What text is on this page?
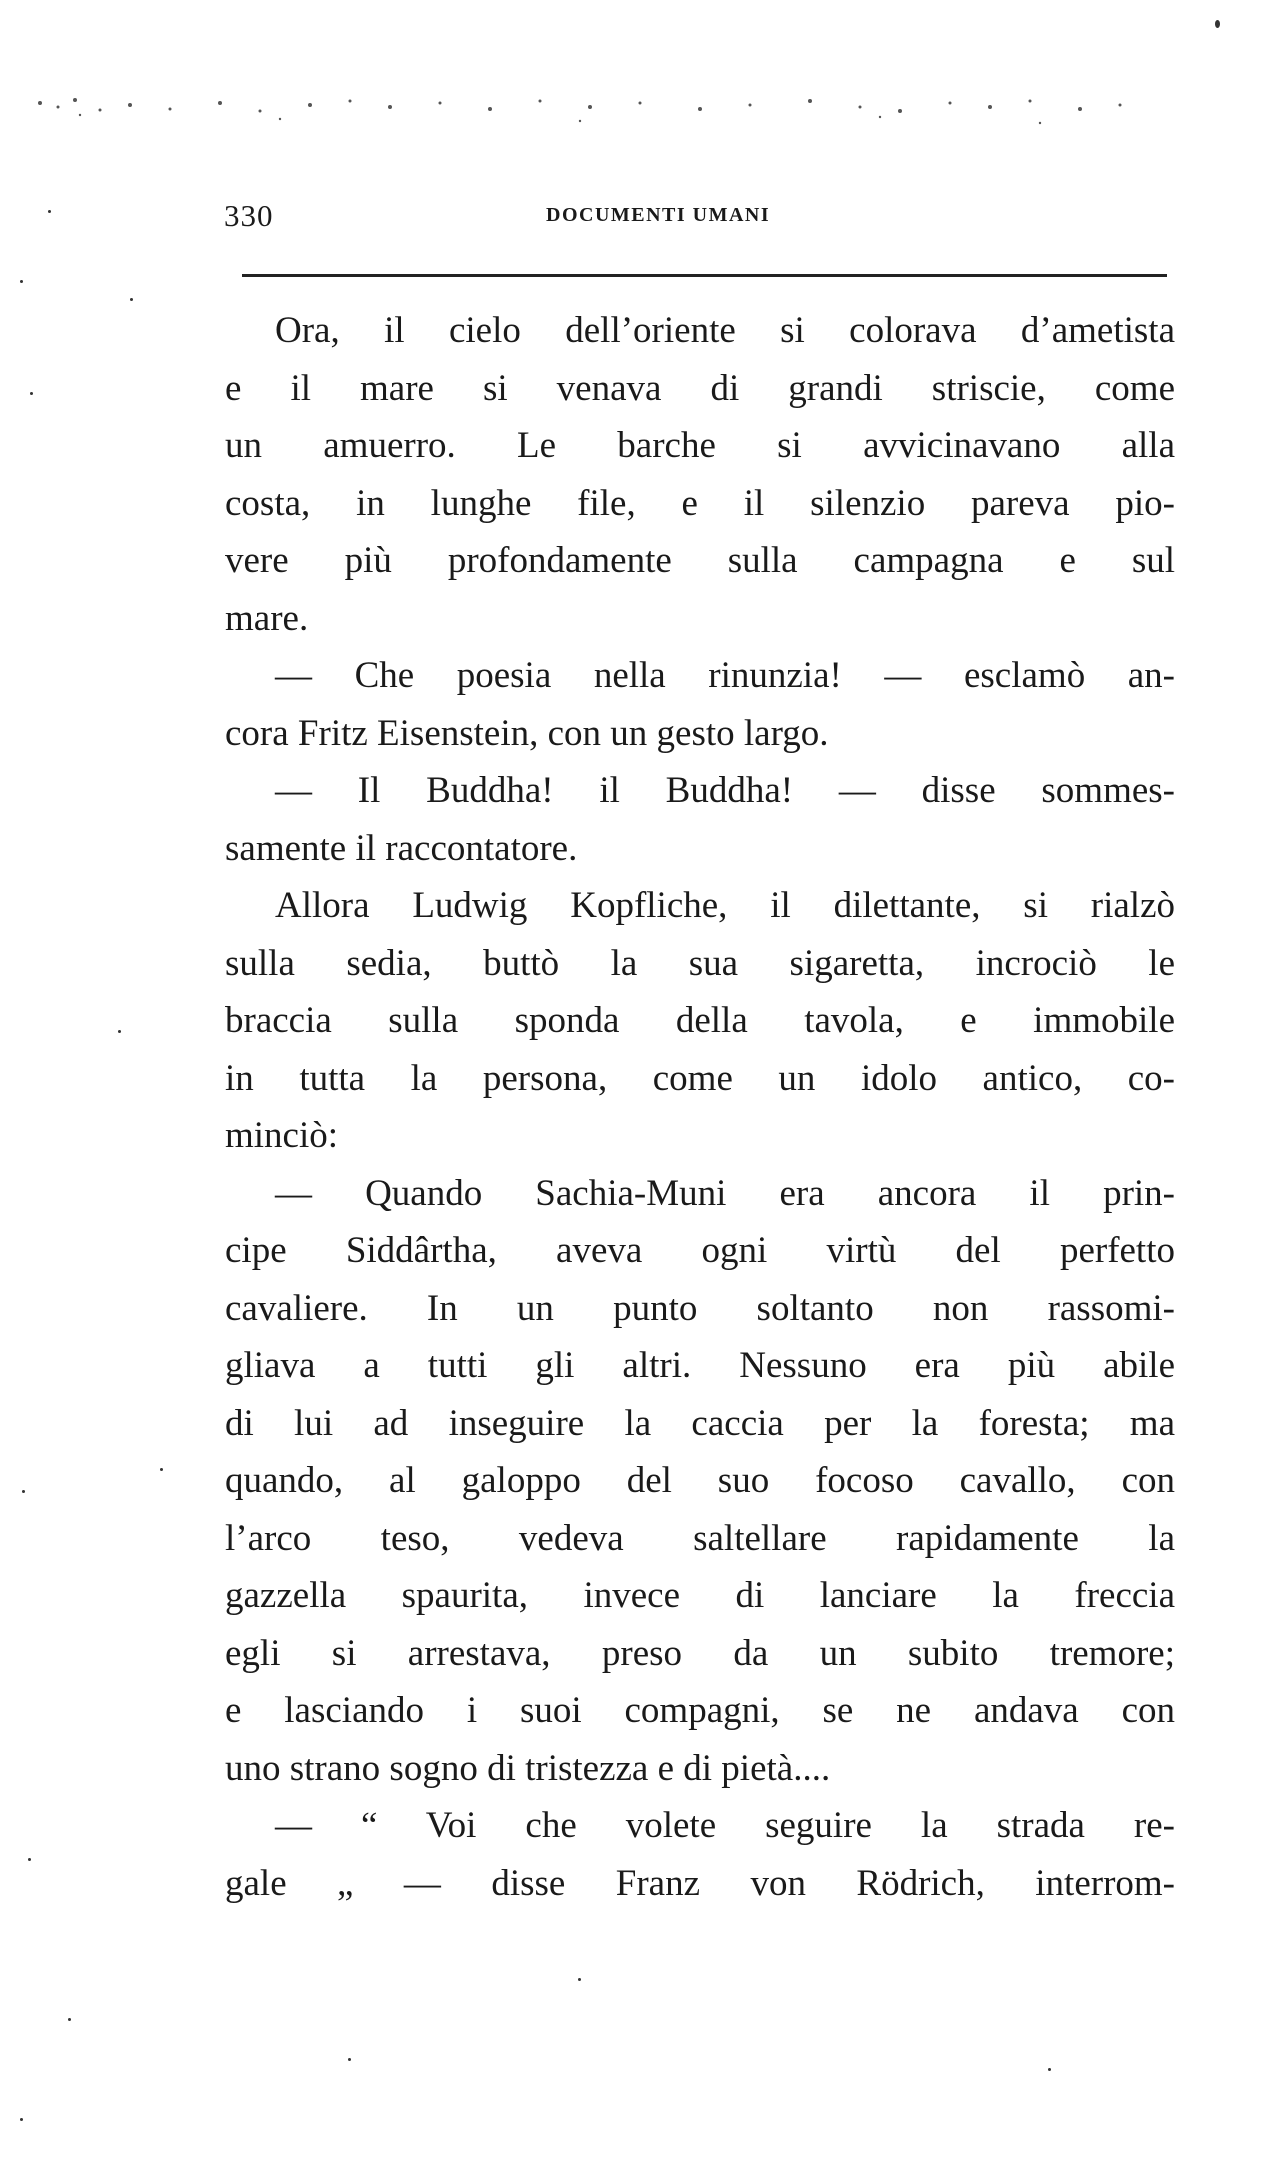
330	DOCUMENTI UMANI
Ora, il cielo dell’oriente si colorava d’ametista
e il mare si venava di grandi striscie, come
un amuerro. Le barche si avvicinavano alla
costa, in lunghe file, e il silenzio pareva pio-
vere più profondamente sulla campagna e sul
mare.
— Che poesia nella rinunzia! — esclamò an-
cora Fritz Eisenstein, con un gesto largo.
— Il Buddha! il Buddha! — disse sommes-
samente il raccontatore.
Allora Ludwig Kopfliche, il dilettante, si rialzò
sulla sedia, buttò la sua sigaretta, incrociò le
braccia sulla sponda della tavola, e immobile
in tutta la persona, come un idolo antico, co-
minciò:
— Quando Sachia-Muni era ancora il prin-
cipe Siddârtha, aveva ogni virtù del perfetto
cavaliere. In un punto soltanto non rassomi-
gliava a tutti gli altri. Nessuno era più abile
di lui ad inseguire la caccia per la foresta; ma
quando, al galoppo del suo focoso cavallo, con
l’arco teso, vedeva saltellare rapidamente la
gazzella spaurita, invece di lanciare la freccia
egli si arrestava, preso da un subito tremore;
e lasciando i suoi compagni, se ne andava con
uno strano sogno di tristezza e di pietà....
— “ Voi che volete seguire la strada re-
gale „ — disse Franz von Rödrich, interrom-
